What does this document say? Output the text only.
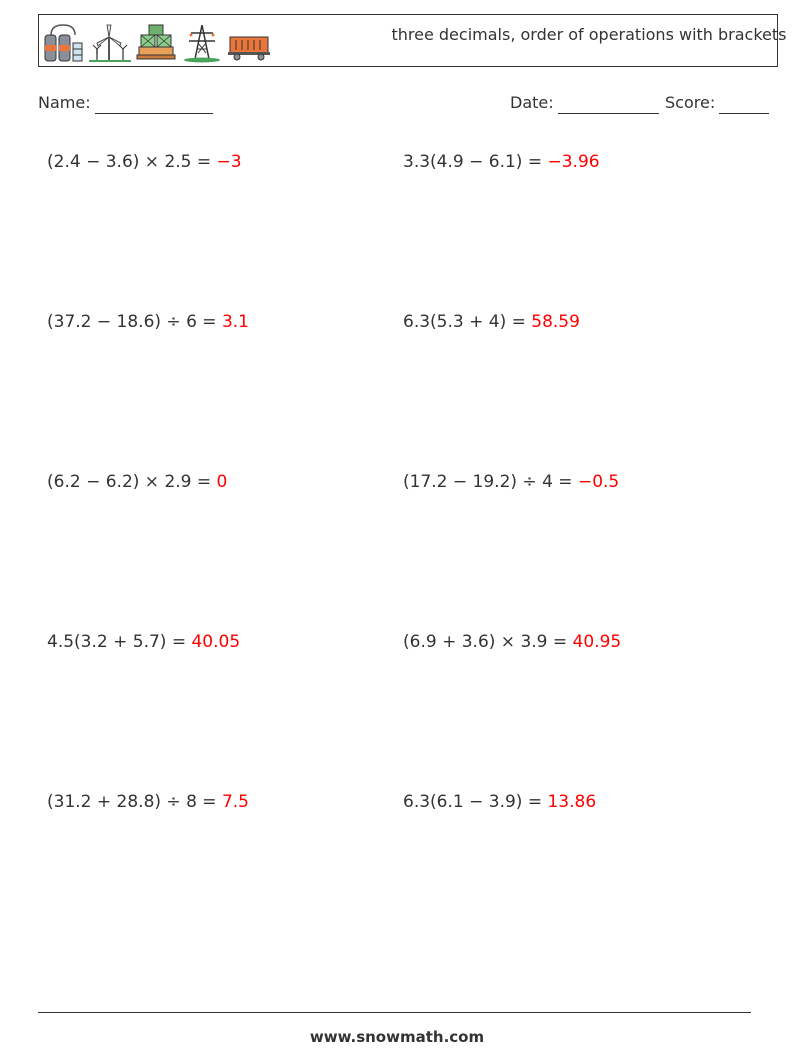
three decimals, order of operations with brackets
Name:	Date:	Score:
(2.4 − 3.6) × 2.5 = −3	3.3(4.9 − 6.1) = −3.96
(37.2 − 18.6) ÷ 6 = 3.1	6.3(5.3 + 4) = 58.59
(6.2 − 6.2) × 2.9 = 0	(17.2 − 19.2) ÷ 4 = −0.5
4.5(3.2 + 5.7) = 40.05	(6.9 + 3.6) × 3.9 = 40.95
(31.2 + 28.8) ÷ 8 = 7.5	6.3(6.1 − 3.9) = 13.86
www.snowmath.com
